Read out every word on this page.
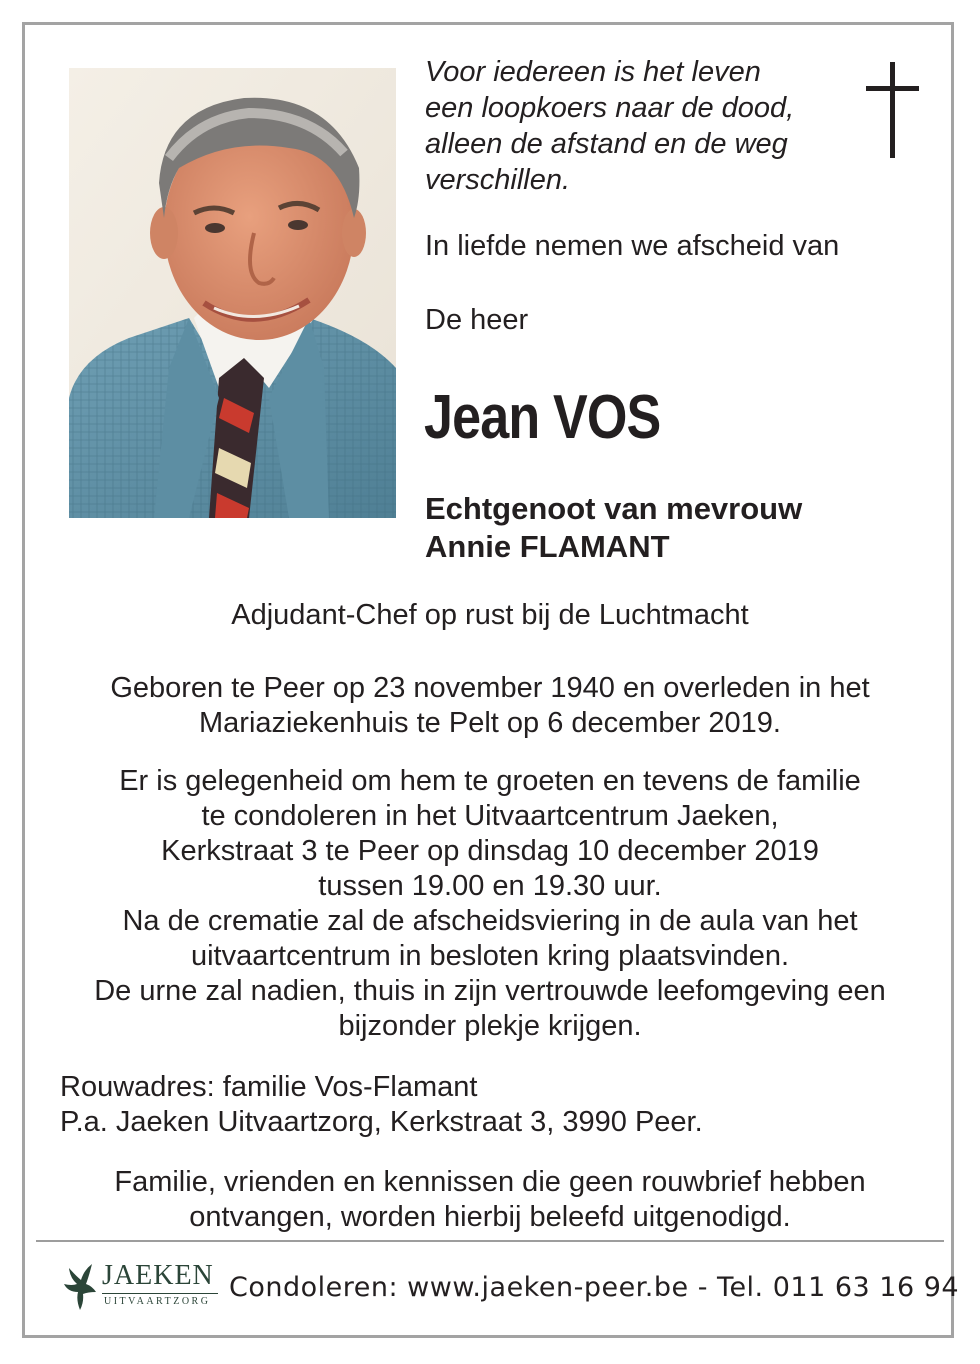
Voor iedereen is het leven
een loopkoers naar de dood,
alleen de afstand en de weg
verschillen.
In liefde nemen we afscheid van
De heer
Jean VOS
Echtgenoot van mevrouw
Annie FLAMANT
Adjudant-Chef op rust bij de Luchtmacht
Geboren te Peer op 23 november 1940 en overleden in het
Mariaziekenhuis te Pelt op 6 december 2019.
Er is gelegenheid om hem te groeten en tevens de familie
te condoleren in het Uitvaartcentrum Jaeken,
Kerkstraat 3 te Peer op dinsdag 10 december 2019
tussen 19.00 en 19.30 uur.
Na de crematie zal de afscheidsviering in de aula van het
uitvaartcentrum in besloten kring plaatsvinden.
De urne zal nadien, thuis in zijn vertrouwde leefomgeving een
bijzonder plekje krijgen.
Rouwadres: familie Vos-Flamant
P.a. Jaeken Uitvaartzorg, Kerkstraat 3, 3990 Peer.
Familie, vrienden en kennissen die geen rouwbrief hebben
ontvangen, worden hierbij beleefd uitgenodigd.
JAEKEN
UITVAARTZORG Condoleren: www.jaeken-peer.be - Tel. 011 63 16 94
